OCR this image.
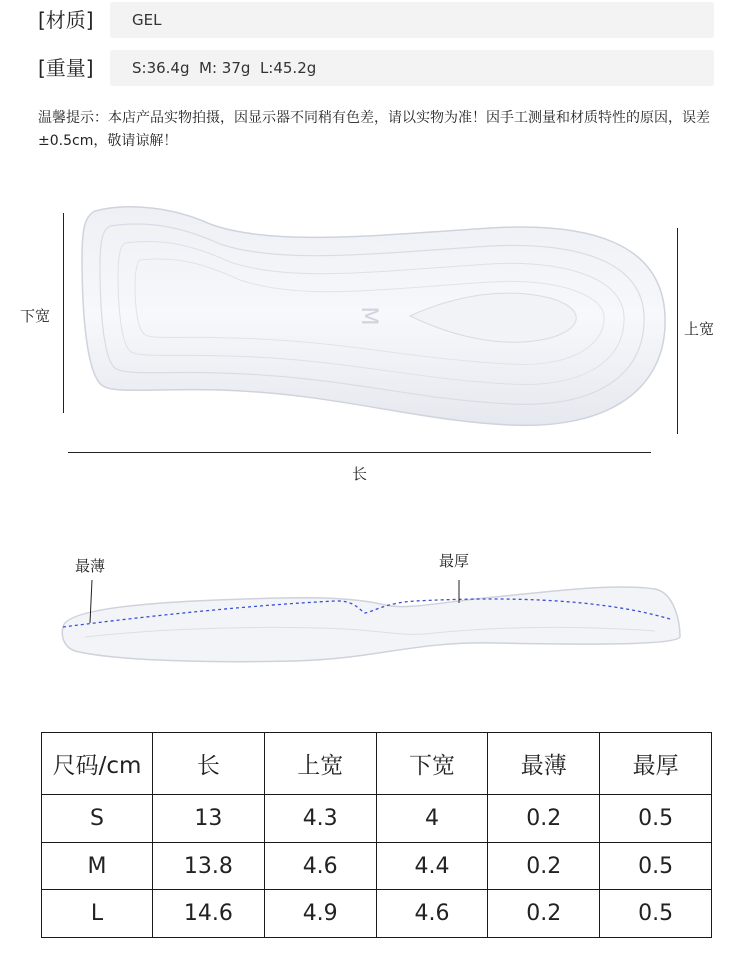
[材质]	GEL
[重量]	S:36.4g  M: 37g  L:45.2g
温馨提示：本店产品实物拍摄，因显示器不同稍有色差，请以实物为准！因手工测量和材质特性的原因，误差±0.5cm，敬请谅解！
下宽
上宽
长
M
最薄	最厚
尺码/cm	长	上宽	下宽	最薄	最厚
S	13	4.3	4	0.2	0.5
M	13.8	4.6	4.4	0.2	0.5
L	14.6	4.9	4.6	0.2	0.5
